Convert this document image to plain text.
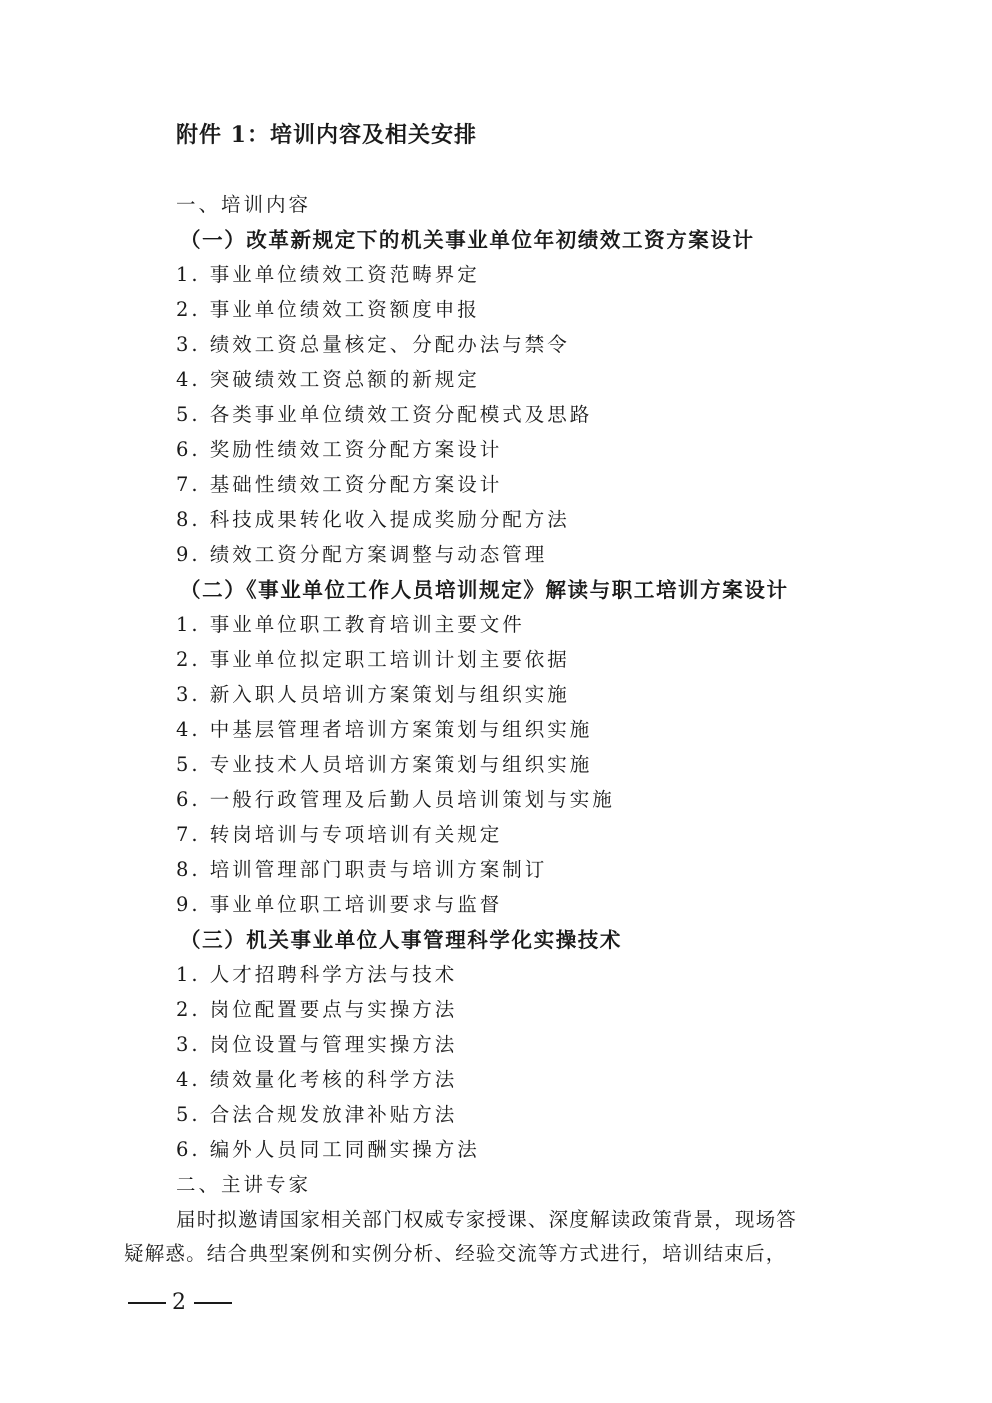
附件 1：培训内容及相关安排
一、培训内容
（一）改革新规定下的机关事业单位年初绩效工资方案设计
1. 事业单位绩效工资范畴界定
2. 事业单位绩效工资额度申报
3. 绩效工资总量核定、分配办法与禁令
4. 突破绩效工资总额的新规定
5. 各类事业单位绩效工资分配模式及思路
6. 奖励性绩效工资分配方案设计
7. 基础性绩效工资分配方案设计
8. 科技成果转化收入提成奖励分配方法
9. 绩效工资分配方案调整与动态管理
（二）《事业单位工作人员培训规定》解读与职工培训方案设计
1. 事业单位职工教育培训主要文件
2. 事业单位拟定职工培训计划主要依据
3. 新入职人员培训方案策划与组织实施
4. 中基层管理者培训方案策划与组织实施
5. 专业技术人员培训方案策划与组织实施
6. 一般行政管理及后勤人员培训策划与实施
7. 转岗培训与专项培训有关规定
8. 培训管理部门职责与培训方案制订
9. 事业单位职工培训要求与监督
（三）机关事业单位人事管理科学化实操技术
1. 人才招聘科学方法与技术
2. 岗位配置要点与实操方法
3. 岗位设置与管理实操方法
4. 绩效量化考核的科学方法
5. 合法合规发放津补贴方法
6. 编外人员同工同酬实操方法
二、主讲专家
届时拟邀请国家相关部门权威专家授课、深度解读政策背景，现场答
疑解惑。结合典型案例和实例分析、经验交流等方式进行，培训结束后，
2
